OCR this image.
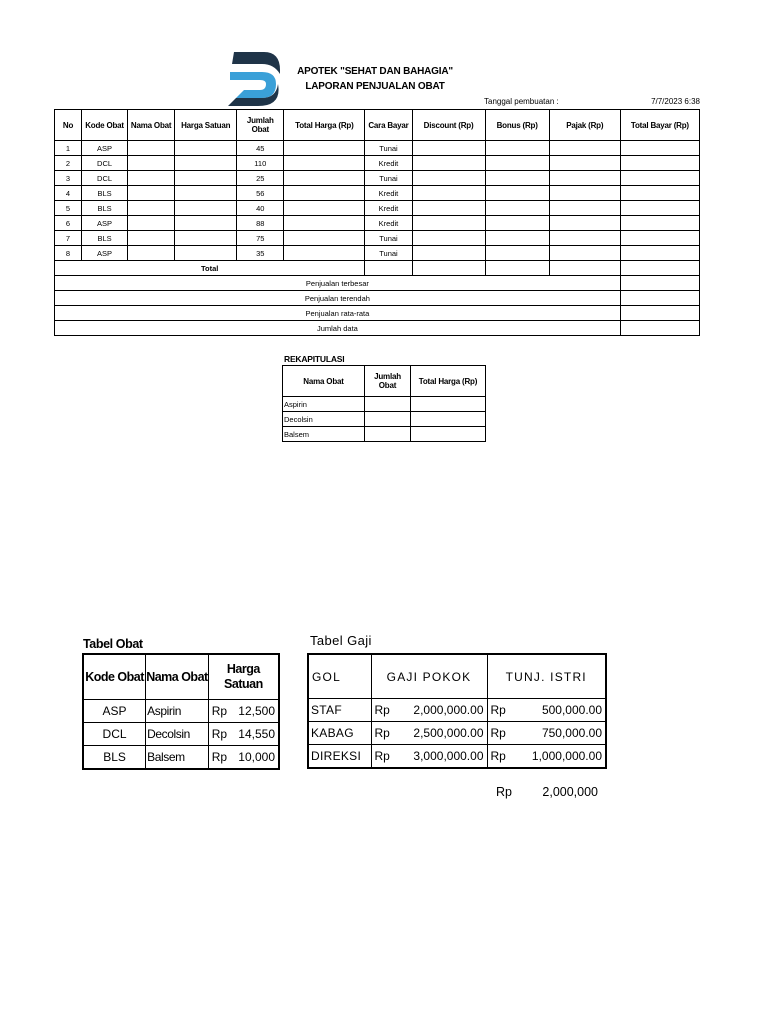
APOTEK "SEHAT DAN BAHAGIA"
LAPORAN PENJUALAN OBAT
Tanggal pembuatan :	7/7/2023 6:38
No	Kode Obat	Nama Obat	Harga Satuan	Jumlah Obat	Total Harga (Rp)	Cara Bayar	Discount (Rp)	Bonus (Rp)	Pajak (Rp)	Total Bayar (Rp)
1	ASP			45		Tunai				
2	DCL			110		Kredit				
3	DCL			25		Tunai				
4	BLS			56		Kredit				
5	BLS			40		Kredit				
6	ASP			88		Kredit				
7	BLS			75		Tunai				
8	ASP			35		Tunai				
Total										
Penjualan terbesar										
Penjualan terendah										
Penjualan rata-rata										
Jumlah data										
REKAPITULASI
Nama Obat	Jumlah Obat	Total Harga (Rp)
Aspirin		
Decolsin		
Balsem		
Tabel Obat
Kode Obat	Nama Obat	Harga Satuan
ASP	Aspirin	Rp 12,500

DCL	Decolsin	Rp 14,550

BLS	Balsem	Rp 10,000
Tabel Gaji
GOL	GAJI POKOK	TUNJ. ISTRI
STAF	Rp 2,000,000.00	Rp 500,000.00

KABAG	Rp 2,500,000.00	Rp 750,000.00

DIREKSI	Rp 3,000,000.00	Rp 1,000,000.00
Rp	2,000,000
